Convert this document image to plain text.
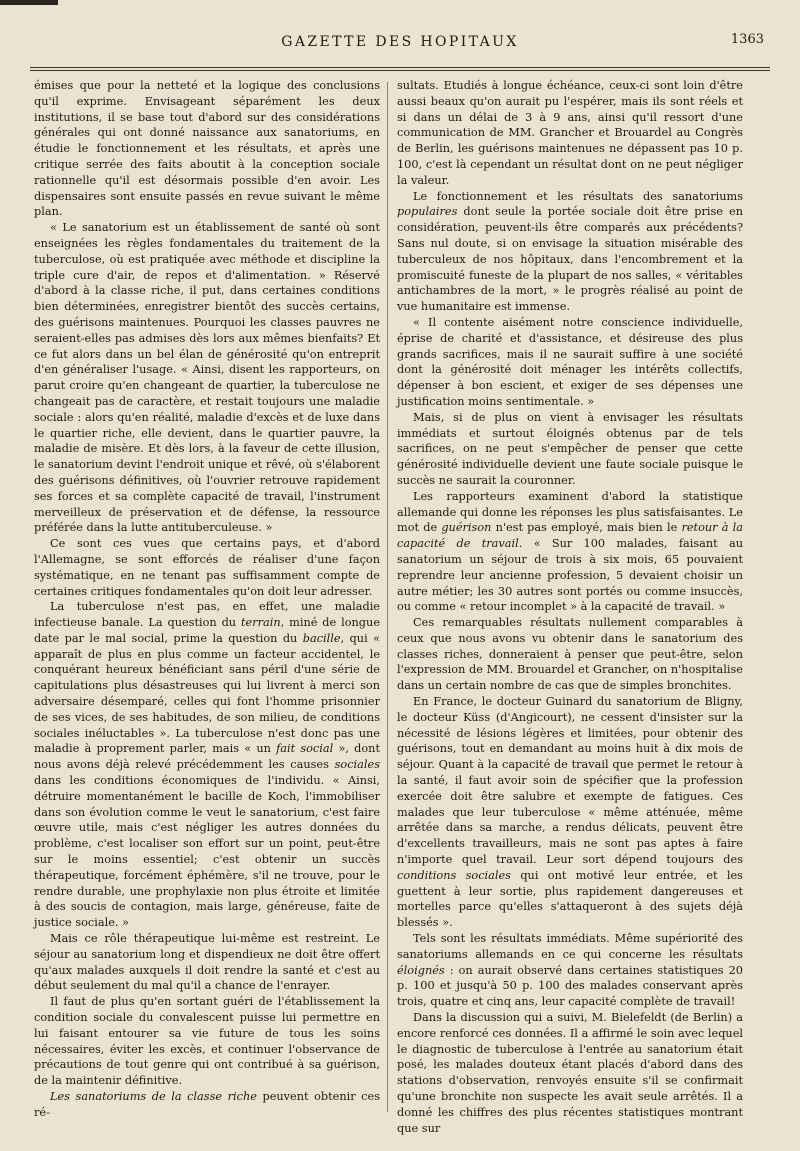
GAZETTE DES HOPITAUX	1363

émises que pour la netteté et la logique des conclusions qu'il exprime. Envisageant séparément les deux institutions, il se base tout d'abord sur des considérations générales qui ont donné naissance aux sanatoriums, en étudie le fonctionnement et les résultats, et après une critique serrée des faits aboutit à la conception sociale rationnelle qu'il est désormais possible d'en avoir. Les dispensaires sont ensuite passés en revue suivant le même plan.

« Le sanatorium est un établissement de santé où sont enseignées les règles fondamentales du traitement de la tuberculose, où est pratiquée avec méthode et discipline la triple cure d'air, de repos et d'alimentation. » Réservé d'abord à la classe riche, il put, dans certaines conditions bien déterminées, enregistrer bientôt des succès certains, des guérisons maintenues. Pourquoi les classes pauvres ne seraient-elles pas admises dès lors aux mêmes bienfaits? Et ce fut alors dans un bel élan de générosité qu'on entreprit d'en généraliser l'usage. « Ainsi, disent les rapporteurs, on parut croire qu'en changeant de quartier, la tuberculose ne changeait pas de caractère, et restait toujours une maladie sociale : alors qu'en réalité, maladie d'excès et de luxe dans le quartier riche, elle devient, dans le quartier pauvre, la maladie de misère. Et dès lors, à la faveur de cette illusion, le sanatorium devint l'endroit unique et rêvé, où s'élaborent des guérisons définitives, où l'ouvrier retrouve rapidement ses forces et sa complète capacité de travail, l'instrument merveilleux de préservation et de défense, la ressource préférée dans la lutte antituberculeuse. »

Ce sont ces vues que certains pays, et d'abord l'Allemagne, se sont efforcés de réaliser d'une façon systématique, en ne tenant pas suffisamment compte de certaines critiques fondamentales qu'on doit leur adresser.

La tuberculose n'est pas, en effet, une maladie infectieuse banale. La question du terrain, miné de longue date par le mal social, prime la question du bacille, qui « apparaît de plus en plus comme un facteur accidentel, le conquérant heureux bénéficiant sans péril d'une série de capitulations plus désastreuses qui lui livrent à merci son adversaire désemparé, celles qui font l'homme prisonnier de ses vices, de ses habitudes, de son milieu, de conditions sociales inéluctables ». La tuberculose n'est donc pas une maladie à proprement parler, mais « un fait social », dont nous avons déjà relevé précédemment les causes sociales dans les conditions économiques de l'individu. « Ainsi, détruire momentanément le bacille de Koch, l'immobiliser dans son évolution comme le veut le sanatorium, c'est faire œuvre utile, mais c'est négliger les autres données du problème, c'est localiser son effort sur un point, peut-être sur le moins essentiel; c'est obtenir un succès thérapeutique, forcément éphémère, s'il ne trouve, pour le rendre durable, une prophylaxie non plus étroite et limitée à des soucis de contagion, mais large, généreuse, faite de justice sociale. »

Mais ce rôle thérapeutique lui-même est restreint. Le séjour au sanatorium long et dispendieux ne doit être offert qu'aux malades auxquels il doit rendre la santé et c'est au début seulement du mal qu'il a chance de l'enrayer.

Il faut de plus qu'en sortant guéri de l'établissement la condition sociale du convalescent puisse lui permettre en lui faisant entourer sa vie future de tous les soins nécessaires, éviter les excès, et continuer l'observance de précautions de tout genre qui ont contribué à sa guérison, de la maintenir définitive.

Les sanatoriums de la classe riche peuvent obtenir ces ré-

sultats. Etudiés à longue échéance, ceux-ci sont loin d'être aussi beaux qu'on aurait pu l'espérer, mais ils sont réels et si dans un délai de 3 à 9 ans, ainsi qu'il ressort d'une communication de MM. Grancher et Brouardel au Congrès de Berlin, les guérisons maintenues ne dépassent pas 10 p. 100, c'est là cependant un résultat dont on ne peut négliger la valeur.

Le fonctionnement et les résultats des sanatoriums populaires dont seule la portée sociale doit être prise en considération, peuvent-ils être comparés aux précédents? Sans nul doute, si on envisage la situation misérable des tuberculeux de nos hôpitaux, dans l'encombrement et la promiscuité funeste de la plupart de nos salles, « véritables antichambres de la mort, » le progrès réalisé au point de vue humanitaire est immense.

« Il contente aisément notre conscience individuelle, éprise de charité et d'assistance, et désireuse des plus grands sacrifices, mais il ne saurait suffire à une société dont la générosité doit ménager les intérêts collectifs, dépenser à bon escient, et exiger de ses dépenses une justification moins sentimentale. »

Mais, si de plus on vient à envisager les résultats immédiats et surtout éloignés obtenus par de tels sacrifices, on ne peut s'empêcher de penser que cette générosité individuelle devient une faute sociale puisque le succès ne saurait la couronner.

Les rapporteurs examinent d'abord la statistique allemande qui donne les réponses les plus satisfaisantes. Le mot de guérison n'est pas employé, mais bien le retour à la capacité de travail. « Sur 100 malades, faisant au sanatorium un séjour de trois à six mois, 65 pouvaient reprendre leur ancienne profession, 5 devaient choisir un autre métier; les 30 autres sont portés ou comme insuccès, ou comme « retour incomplet » à la capacité de travail. »

Ces remarquables résultats nullement comparables à ceux que nous avons vu obtenir dans le sanatorium des classes riches, donneraient à penser que peut-être, selon l'expression de MM. Brouardel et Grancher, on n'hospitalise dans un certain nombre de cas que de simples bronchites.

En France, le docteur Guinard du sanatorium de Bligny, le docteur Küss (d'Angicourt), ne cessent d'insister sur la nécessité de lésions légères et limitées, pour obtenir des guérisons, tout en demandant au moins huit à dix mois de séjour. Quant à la capacité de travail que permet le retour à la santé, il faut avoir soin de spécifier que la profession exercée doit être salubre et exempte de fatigues. Ces malades que leur tuberculose « même atténuée, même arrêtée dans sa marche, a rendus délicats, peuvent être d'excellents travailleurs, mais ne sont pas aptes à faire n'importe quel travail. Leur sort dépend toujours des conditions sociales qui ont motivé leur entrée, et les guettent à leur sortie, plus rapidement dangereuses et mortelles parce qu'elles s'attaqueront à des sujets déjà blessés ».

Tels sont les résultats immédiats. Même supériorité des sanatoriums allemands en ce qui concerne les résultats éloignés : on aurait observé dans certaines statistiques 20 p. 100 et jusqu'à 50 p. 100 des malades conservant après trois, quatre et cinq ans, leur capacité complète de travail!

Dans la discussion qui a suivi, M. Bielefeldt (de Berlin) a encore renforcé ces données. Il a affirmé le soin avec lequel le diagnostic de tuberculose à l'entrée au sanatorium était posé, les malades douteux étant placés d'abord dans des stations d'observation, renvoyés ensuite s'il se confirmait qu'une bronchite non suspecte les avait seule arrêtés. Il a donné les chiffres des plus récentes statistiques montrant que sur
